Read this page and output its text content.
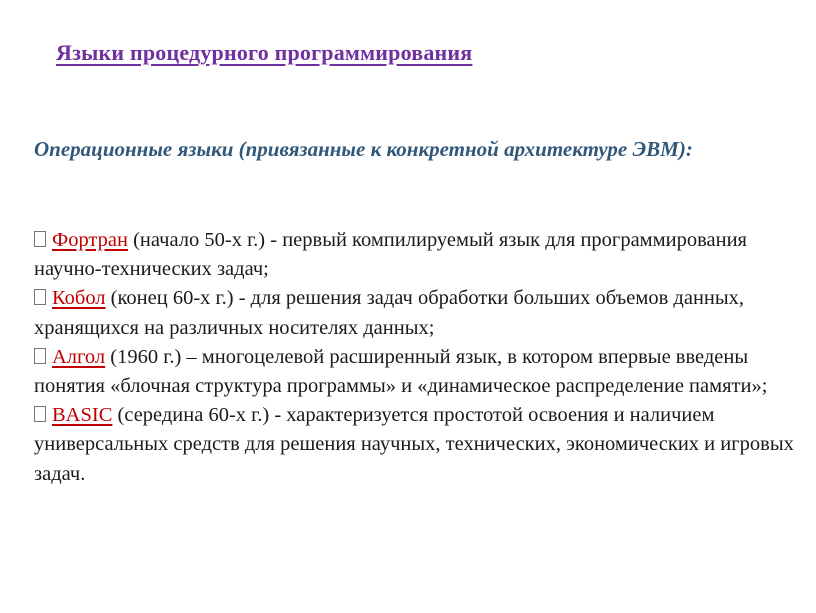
Языки процедурного программирования
Операционные языки (привязанные к конкретной архитектуре ЭВМ):

Фортран (начало 50-х г.) - первый компилируемый язык для программирования научно-технических задач;

Кобол (конец 60-х г.) - для решения задач обработки больших объемов данных, хранящихся на различных носителях данных;

Алгол (1960 г.) – многоцелевой расширенный язык, в котором впервые введены понятия «блочная структура программы» и «динамическое распределение памяти»;

BASIC (середина 60-х г.) - характеризуется простотой освоения и наличием универсальных средств для решения научных, технических, экономических и игровых задач.
